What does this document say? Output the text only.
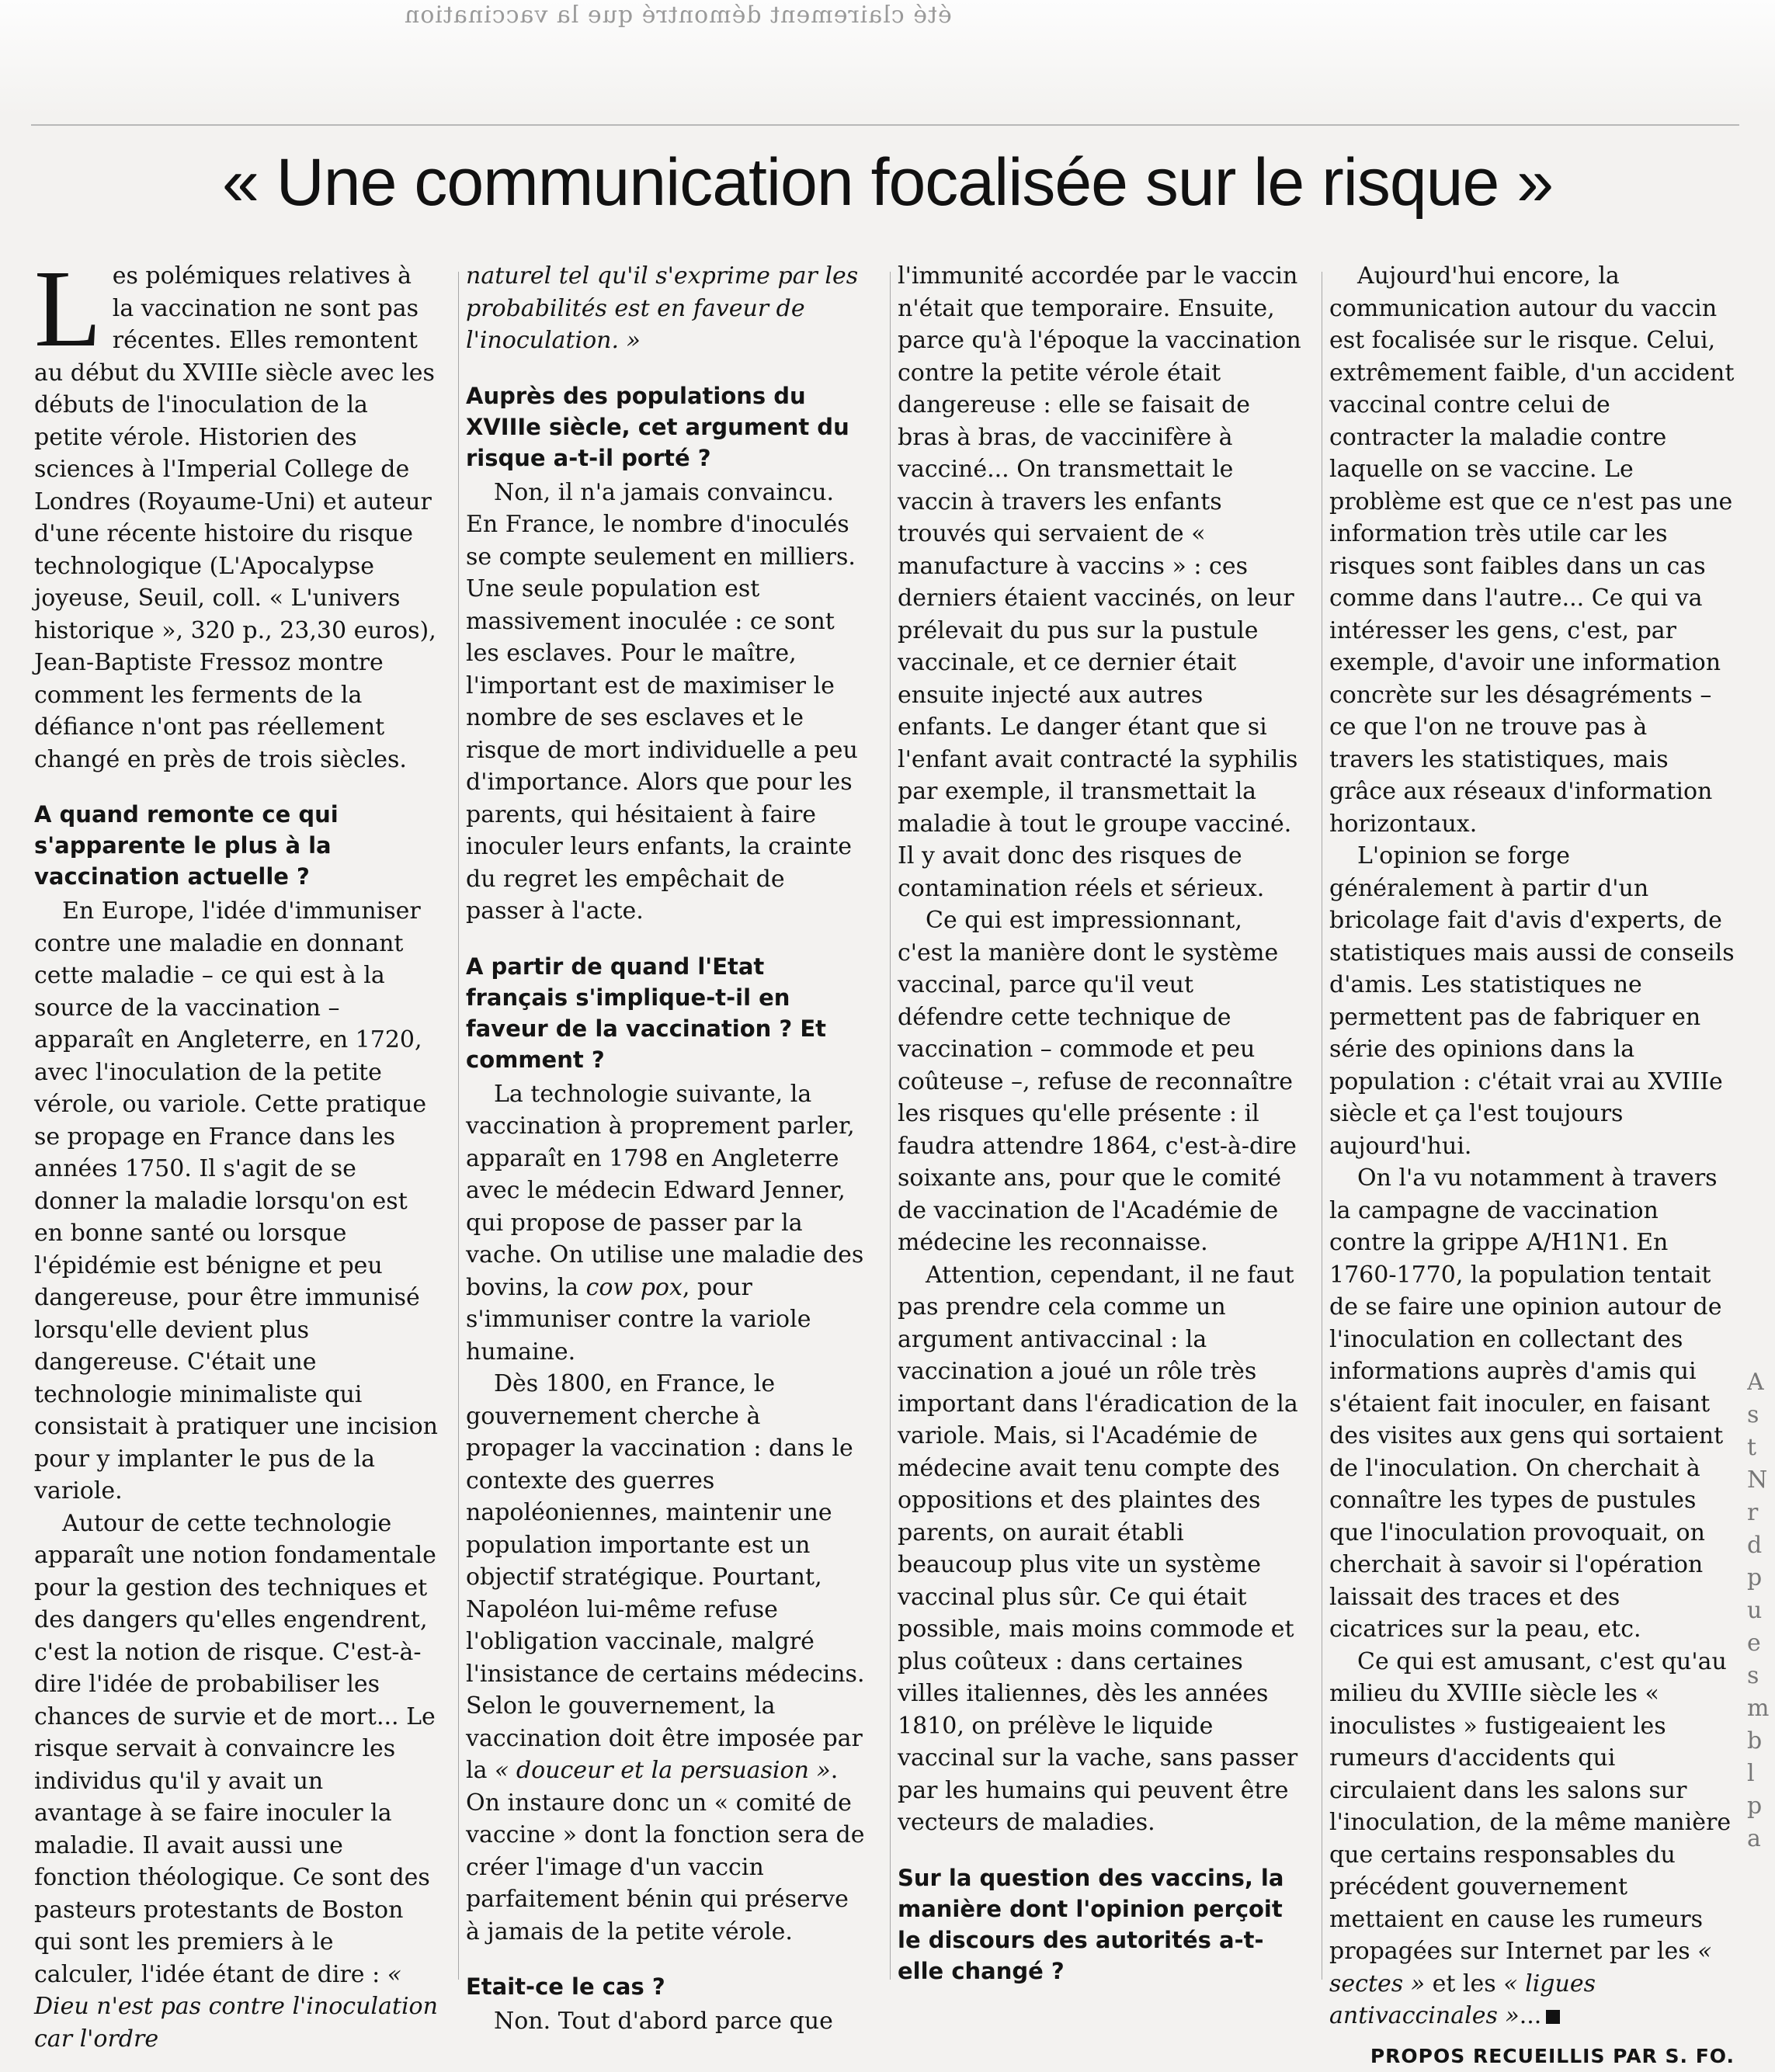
été clairement démontré que la vaccination
« Une communication focalisée sur le risque »

Les polémiques relatives à la vaccination ne sont pas récentes. Elles remontent au début du XVIIIe siècle avec les débuts de l'inoculation de la petite vérole. Historien des sciences à l'Imperial College de Londres (Royaume-Uni) et auteur d'une récente histoire du risque technologique (L'Apocalypse joyeuse, Seuil, coll. « L'univers historique », 320 p., 23,30 euros), Jean-Baptiste Fressoz montre comment les ferments de la défiance n'ont pas réellement changé en près de trois siècles.

A quand remonte ce qui s'apparente le plus à la vaccination actuelle ?

En Europe, l'idée d'immuniser contre une maladie en donnant cette maladie – ce qui est à la source de la vaccination – apparaît en Angleterre, en 1720, avec l'inoculation de la petite vérole, ou variole. Cette pratique se propage en France dans les années 1750. Il s'agit de se donner la maladie lorsqu'on est en bonne santé ou lorsque l'épidémie est bénigne et peu dangereuse, pour être immunisé lorsqu'elle devient plus dangereuse. C'était une technologie minimaliste qui consistait à pratiquer une incision pour y implanter le pus de la variole.

Autour de cette technologie apparaît une notion fondamentale pour la gestion des techniques et des dangers qu'elles engendrent, c'est la notion de risque. C'est-à-dire l'idée de probabiliser les chances de survie et de mort... Le risque servait à convaincre les individus qu'il y avait un avantage à se faire inoculer la maladie. Il avait aussi une fonction théologique. Ce sont des pasteurs protestants de Boston qui sont les premiers à le calculer, l'idée étant de dire : « Dieu n'est pas contre l'inoculation car l'ordre

naturel tel qu'il s'exprime par les probabilités est en faveur de l'inoculation. »

Auprès des populations du XVIIIe siècle, cet argument du risque a-t-il porté ?

Non, il n'a jamais convaincu. En France, le nombre d'inoculés se compte seulement en milliers. Une seule population est massivement inoculée : ce sont les esclaves. Pour le maître, l'important est de maximiser le nombre de ses esclaves et le risque de mort individuelle a peu d'importance. Alors que pour les parents, qui hésitaient à faire inoculer leurs enfants, la crainte du regret les empêchait de passer à l'acte.

A partir de quand l'Etat français s'implique-t-il en faveur de la vaccination ? Et comment ?

La technologie suivante, la vaccination à proprement parler, apparaît en 1798 en Angleterre avec le médecin Edward Jenner, qui propose de passer par la vache. On utilise une maladie des bovins, la cow pox, pour s'immuniser contre la variole humaine.

Dès 1800, en France, le gouvernement cherche à propager la vaccination : dans le contexte des guerres napoléoniennes, maintenir une population importante est un objectif stratégique. Pourtant, Napoléon lui-même refuse l'obligation vaccinale, malgré l'insistance de certains médecins. Selon le gouvernement, la vaccination doit être imposée par la « douceur et la persuasion ». On instaure donc un « comité de vaccine » dont la fonction sera de créer l'image d'un vaccin parfaitement bénin qui préserve à jamais de la petite vérole.

Etait-ce le cas ?

Non. Tout d'abord parce que

l'immunité accordée par le vaccin n'était que temporaire. Ensuite, parce qu'à l'époque la vaccination contre la petite vérole était dangereuse : elle se faisait de bras à bras, de vaccinifère à vacciné... On transmettait le vaccin à travers les enfants trouvés qui servaient de « manufacture à vaccins » : ces derniers étaient vaccinés, on leur prélevait du pus sur la pustule vaccinale, et ce dernier était ensuite injecté aux autres enfants. Le danger étant que si l'enfant avait contracté la syphilis par exemple, il transmettait la maladie à tout le groupe vacciné. Il y avait donc des risques de contamination réels et sérieux.

Ce qui est impressionnant, c'est la manière dont le système vaccinal, parce qu'il veut défendre cette technique de vaccination – commode et peu coûteuse –, refuse de reconnaître les risques qu'elle présente : il faudra attendre 1864, c'est-à-dire soixante ans, pour que le comité de vaccination de l'Académie de médecine les reconnaisse.

Attention, cependant, il ne faut pas prendre cela comme un argument antivaccinal : la vaccination a joué un rôle très important dans l'éradication de la variole. Mais, si l'Académie de médecine avait tenu compte des oppositions et des plaintes des parents, on aurait établi beaucoup plus vite un système vaccinal plus sûr. Ce qui était possible, mais moins commode et plus coûteux : dans certaines villes italiennes, dès les années 1810, on prélève le liquide vaccinal sur la vache, sans passer par les humains qui peuvent être vecteurs de maladies.

Sur la question des vaccins, la manière dont l'opinion perçoit le discours des autorités a-t-elle changé ?

Aujourd'hui encore, la communication autour du vaccin est focalisée sur le risque. Celui, extrêmement faible, d'un accident vaccinal contre celui de contracter la maladie contre laquelle on se vaccine. Le problème est que ce n'est pas une information très utile car les risques sont faibles dans un cas comme dans l'autre... Ce qui va intéresser les gens, c'est, par exemple, d'avoir une information concrète sur les désagréments – ce que l'on ne trouve pas à travers les statistiques, mais grâce aux réseaux d'information horizontaux.

L'opinion se forge généralement à partir d'un bricolage fait d'avis d'experts, de statistiques mais aussi de conseils d'amis. Les statistiques ne permettent pas de fabriquer en série des opinions dans la population : c'était vrai au XVIIIe siècle et ça l'est toujours aujourd'hui.

On l'a vu notamment à travers la campagne de vaccination contre la grippe A/H1N1. En 1760-1770, la population tentait de se faire une opinion autour de l'inoculation en collectant des informations auprès d'amis qui s'étaient fait inoculer, en faisant des visites aux gens qui sortaient de l'inoculation. On cherchait à connaître les types de pustules que l'inoculation provoquait, on cherchait à savoir si l'opération laissait des traces et des cicatrices sur la peau, etc.

Ce qui est amusant, c'est qu'au milieu du XVIIIe siècle les « inoculistes » fustigeaient les rumeurs d'accidents qui circulaient dans les salons sur l'inoculation, de la même manière que certains responsables du précédent gouvernement mettaient en cause les rumeurs propagées sur Internet par les « sectes » et les « ligues antivaccinales »...

PROPOS RECUEILLIS PAR S. FO.

A s t N r d p u e s m b l p a
